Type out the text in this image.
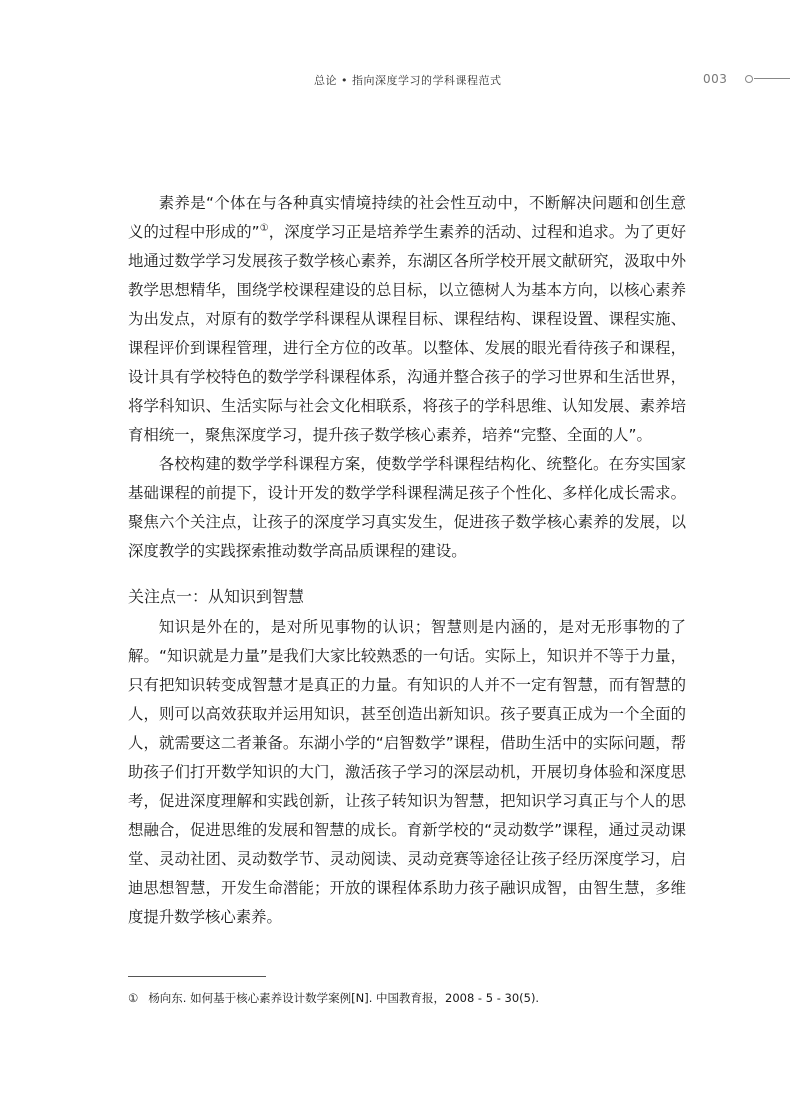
总论 • 指向深度学习的学科课程范式	003

素养是“个体在与各种真实情境持续的社会性互动中，不断解决问题和创生意义的过程中形成的”①，深度学习正是培养学生素养的活动、过程和追求。为了更好地通过数学学习发展孩子数学核心素养，东湖区各所学校开展文献研究，汲取中外教学思想精华，围绕学校课程建设的总目标，以立德树人为基本方向，以核心素养为出发点，对原有的数学学科课程从课程目标、课程结构、课程设置、课程实施、课程评价到课程管理，进行全方位的改革。以整体、发展的眼光看待孩子和课程，设计具有学校特色的数学学科课程体系，沟通并整合孩子的学习世界和生活世界，将学科知识、生活实际与社会文化相联系，将孩子的学科思维、认知发展、素养培育相统一，聚焦深度学习，提升孩子数学核心素养，培养“完整、全面的人”。

各校构建的数学学科课程方案，使数学学科课程结构化、统整化。在夯实国家基础课程的前提下，设计开发的数学学科课程满足孩子个性化、多样化成长需求。聚焦六个关注点，让孩子的深度学习真实发生，促进孩子数学核心素养的发展，以深度教学的实践探索推动数学高品质课程的建设。

关注点一：从知识到智慧

知识是外在的，是对所见事物的认识；智慧则是内涵的，是对无形事物的了解。“知识就是力量”是我们大家比较熟悉的一句话。实际上，知识并不等于力量，只有把知识转变成智慧才是真正的力量。有知识的人并不一定有智慧，而有智慧的人，则可以高效获取并运用知识，甚至创造出新知识。孩子要真正成为一个全面的人，就需要这二者兼备。东湖小学的“启智数学”课程，借助生活中的实际问题，帮助孩子们打开数学知识的大门，激活孩子学习的深层动机，开展切身体验和深度思考，促进深度理解和实践创新，让孩子转知识为智慧，把知识学习真正与个人的思想融合，促进思维的发展和智慧的成长。育新学校的“灵动数学”课程，通过灵动课堂、灵动社团、灵动数学节、灵动阅读、灵动竞赛等途径让孩子经历深度学习，启迪思想智慧，开发生命潜能；开放的课程体系助力孩子融识成智，由智生慧，多维度提升数学核心素养。

① 杨向东. 如何基于核心素养设计数学案例[N]. 中国教育报，2008 - 5 - 30(5).
